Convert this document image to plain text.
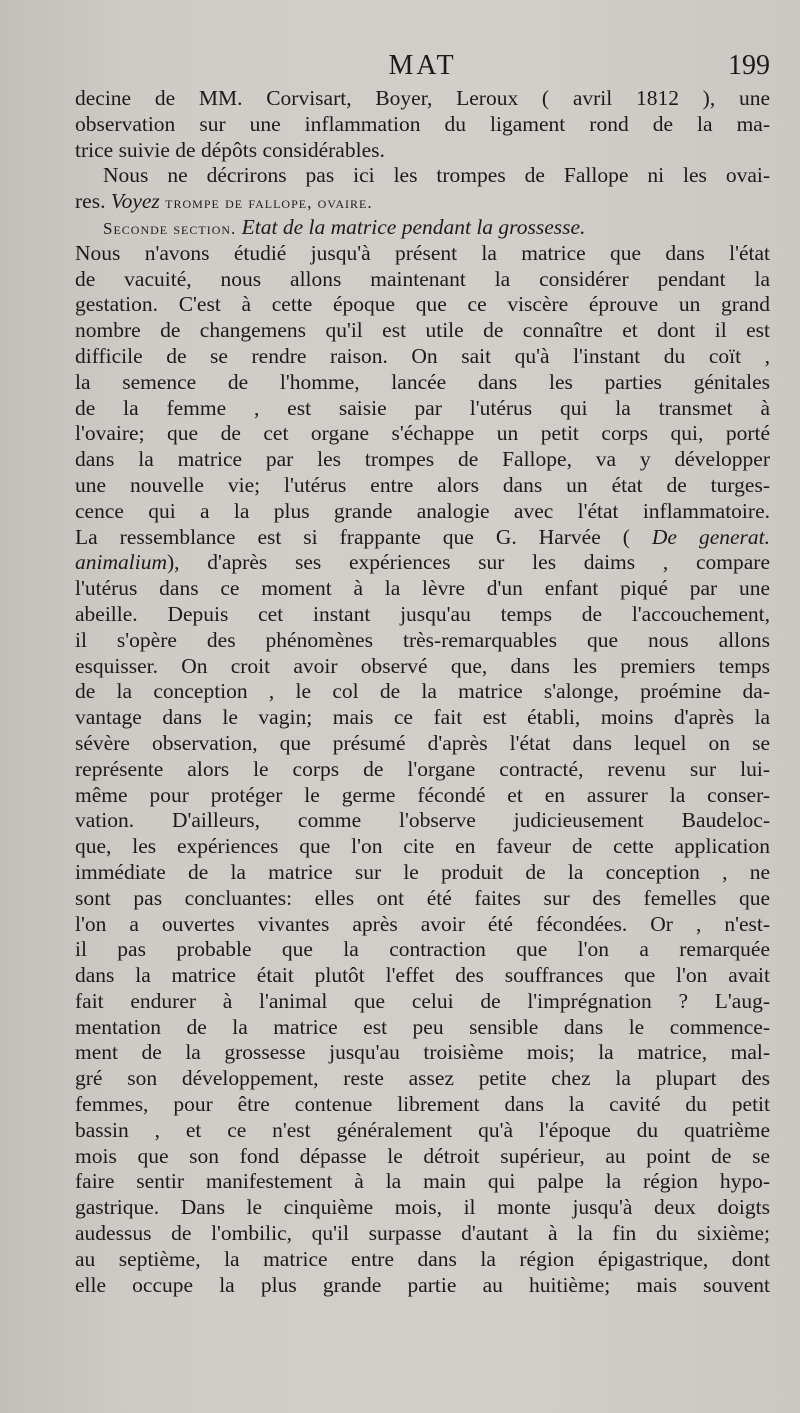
MAT	199
decine de MM. Corvisart, Boyer, Leroux ( avril 1812 ), une
observation sur une inflammation du ligament rond de la ma-
trice suivie de dépôts considérables.
Nous ne décrirons pas ici les trompes de Fallope ni les ovai-
res. Voyez trompe de fallope, ovaire.
Seconde section. Etat de la matrice pendant la grossesse.
Nous n'avons étudié jusqu'à présent la matrice que dans l'état
de vacuité, nous allons maintenant la considérer pendant la
gestation. C'est à cette époque que ce viscère éprouve un grand
nombre de changemens qu'il est utile de connaître et dont il est
difficile de se rendre raison. On sait qu'à l'instant du coït ,
la semence de l'homme, lancée dans les parties génitales
de la femme , est saisie par l'utérus qui la transmet à
l'ovaire; que de cet organe s'échappe un petit corps qui, porté
dans la matrice par les trompes de Fallope, va y développer
une nouvelle vie; l'utérus entre alors dans un état de turges-
cence qui a la plus grande analogie avec l'état inflammatoire.
La ressemblance est si frappante que G. Harvée ( De generat.
animalium), d'après ses expériences sur les daims , compare
l'utérus dans ce moment à la lèvre d'un enfant piqué par une
abeille. Depuis cet instant jusqu'au temps de l'accouchement,
il s'opère des phénomènes très-remarquables que nous allons
esquisser. On croit avoir observé que, dans les premiers temps
de la conception , le col de la matrice s'alonge, proémine da-
vantage dans le vagin; mais ce fait est établi, moins d'après la
sévère observation, que présumé d'après l'état dans lequel on se
représente alors le corps de l'organe contracté, revenu sur lui-
même pour protéger le germe fécondé et en assurer la conser-
vation. D'ailleurs, comme l'observe judicieusement Baudeloc-
que, les expériences que l'on cite en faveur de cette application
immédiate de la matrice sur le produit de la conception , ne
sont pas concluantes: elles ont été faites sur des femelles que
l'on a ouvertes vivantes après avoir été fécondées. Or , n'est-
il pas probable que la contraction que l'on a remarquée
dans la matrice était plutôt l'effet des souffrances que l'on avait
fait endurer à l'animal que celui de l'imprégnation ? L'aug-
mentation de la matrice est peu sensible dans le commence-
ment de la grossesse jusqu'au troisième mois; la matrice, mal-
gré son développement, reste assez petite chez la plupart des
femmes, pour être contenue librement dans la cavité du petit
bassin , et ce n'est généralement qu'à l'époque du quatrième
mois que son fond dépasse le détroit supérieur, au point de se
faire sentir manifestement à la main qui palpe la région hypo-
gastrique. Dans le cinquième mois, il monte jusqu'à deux doigts
audessus de l'ombilic, qu'il surpasse d'autant à la fin du sixième;
au septième, la matrice entre dans la région épigastrique, dont
elle occupe la plus grande partie au huitième; mais souvent
